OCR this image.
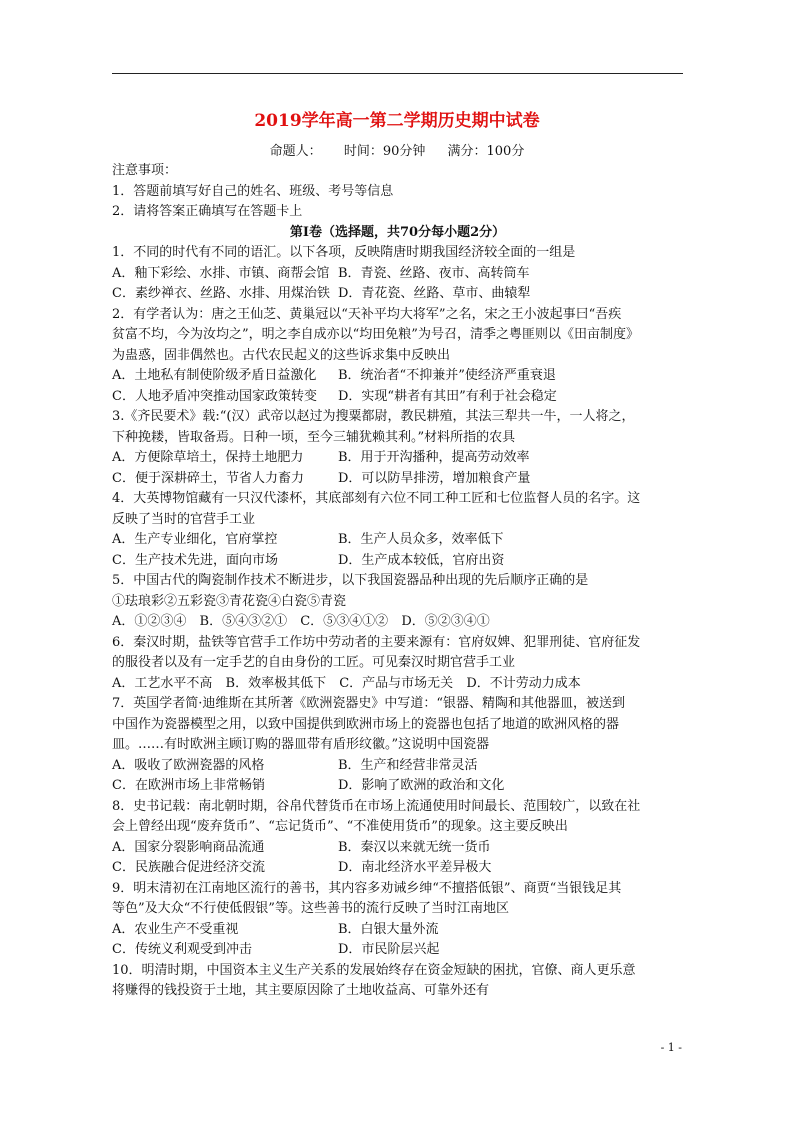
2019学年高一第二学期历史期中试卷
命题人： 时间：90分钟 满分：100分
注意事项：
1．答题前填写好自己的姓名、班级、考号等信息
2．请将答案正确填写在答题卡上
第Ⅰ卷（选择题，共70分每小题2分）
1．不同的时代有不同的语汇。以下各项，反映隋唐时期我国经济较全面的一组是
A．釉下彩绘、水排、市镇、商帮会馆 B．青瓷、丝路、夜市、高转筒车
C．素纱禅衣、丝路、水排、用煤治铁 D．青花瓷、丝路、草市、曲辕犁
2．有学者认为：唐之王仙芝、黄巢冠以“天补平均大将军”之名，宋之王小波起事曰“吾疾
贫富不均，今为汝均之”，明之李自成亦以“均田免粮”为号召，清季之粤匪则以《田亩制度》
为蛊惑，固非偶然也。古代农民起义的这些诉求集中反映出
A．土地私有制使阶级矛盾日益激化	B．统治者“不抑兼并”使经济严重衰退
C．人地矛盾冲突推动国家政策转变	D．实现“耕者有其田”有利于社会稳定
3.《齐民要术》载:“(汉）武帝以赵过为搜粟都尉，教民耕殖，其法三犁共一牛，一人将之，
下种挽耧，皆取备焉。日种一顷，至今三辅犹赖其利。”材料所指的农具
A．方便除草培土，保持土地肥力	B．用于开沟播种，提高劳动效率
C．便于深耕碎土，节省人力畜力	D．可以防旱排涝，增加粮食产量
4．大英博物馆藏有一只汉代漆杯，其底部刻有六位不同工种工匠和七位监督人员的名字。这
反映了当时的官营手工业
A．生产专业细化，官府掌控	B．生产人员众多，效率低下
C．生产技术先进，面向市场	D．生产成本较低，官府出资
5．中国古代的陶瓷制作技术不断进步，以下我国瓷器品种出现的先后顺序正确的是
①珐琅彩②五彩瓷③青花瓷④白瓷⑤青瓷
A．①②③④ B．⑤④③②① C．⑤③④①② D．⑤②③④①
6．秦汉时期，盐铁等官营手工作坊中劳动者的主要来源有：官府奴婢、犯罪刑徒、官府征发
的服役者以及有一定手艺的自由身份的工匠。可见秦汉时期官营手工业
A．工艺水平不高 B．效率极其低下 C．产品与市场无关 D．不计劳动力成本
7．英国学者简·迪维斯在其所著《欧洲瓷器史》中写道：“银器、精陶和其他器皿，被送到
中国作为瓷器模型之用，以致中国提供到欧洲市场上的瓷器也包括了地道的欧洲风格的器
皿。……有时欧洲主顾订购的器皿带有盾形纹徽。”这说明中国瓷器
A．吸收了欧洲瓷器的风格	B．生产和经营非常灵活
C．在欧洲市场上非常畅销	D．影响了欧洲的政治和文化
8．史书记载：南北朝时期，谷帛代替货币在市场上流通使用时间最长、范围较广，以致在社
会上曾经出现“废弃货币”、“忘记货币”、“不准使用货币”的现象。这主要反映出
A．国家分裂影响商品流通	B．秦汉以来就无统一货币
C．民族融合促进经济交流	D．南北经济水平差异极大
9．明末清初在江南地区流行的善书，其内容多劝诫乡绅“不擅搭低银”、商贾“当银钱足其
等色”及大众“不行使低假银”等。这些善书的流行反映了当时江南地区
A．农业生产不受重视	B．白银大量外流
C．传统义利观受到冲击	D．市民阶层兴起
10．明清时期，中国资本主义生产关系的发展始终存在资金短缺的困扰，官僚、商人更乐意
将赚得的钱投资于土地，其主要原因除了土地收益高、可靠外还有
- 1 -
